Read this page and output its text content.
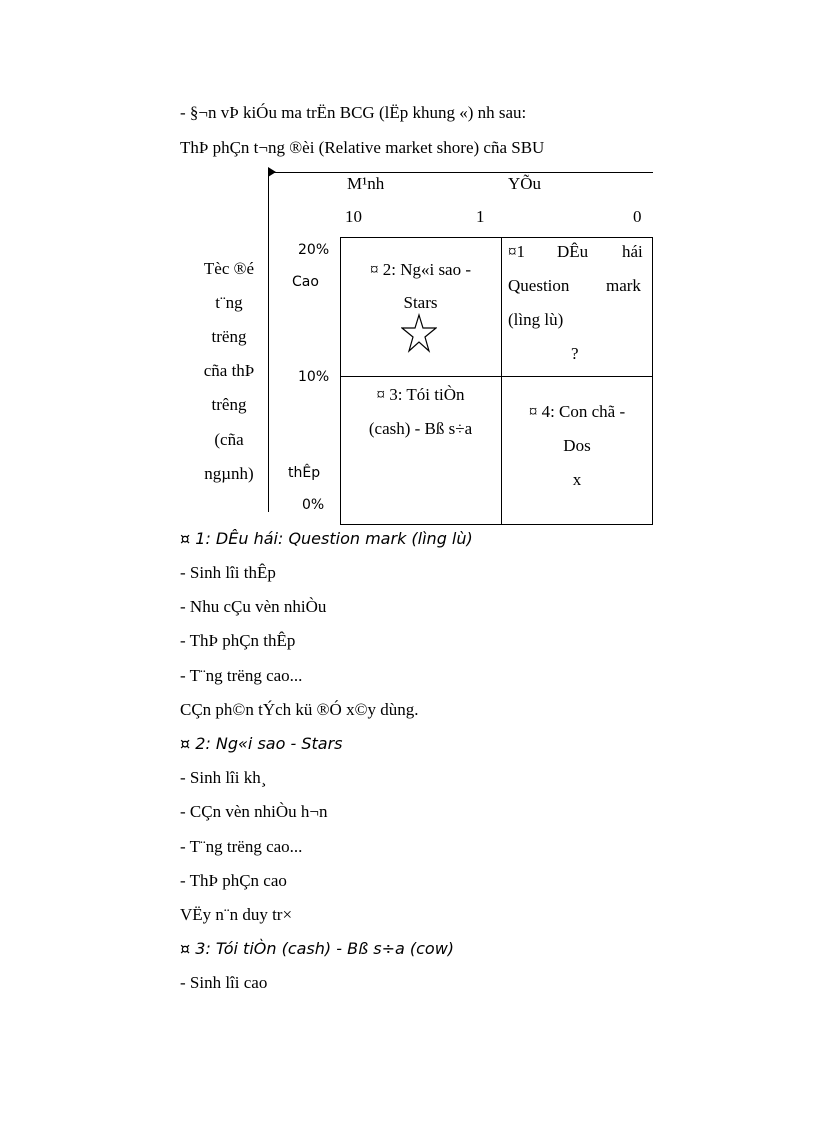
- §¬n vÞ kiÓu ma trËn BCG (lËp khung «) nh sau:
ThÞ phÇn t¬ng ®èi (Relative market shore) cña SBU
M¹nh	YÕu
10	1	0
Tèc ®é
t¨ng
trëng
cña thÞ
trêng
(cña
ngµnh)
20%
Cao
10%
thÊp
0%
¤ 2: Ng«i sao -
Stars
¤1 DÊu hái
Question mark
(lìng lù)
?
¤ 3: Tói tiÒn
(cash) - Bß s÷a
¤ 4: Con chã -
Dos
x
¤ 1: DÊu hái: Question mark (lìng lù)
- Sinh lîi thÊp
- Nhu cÇu vèn nhiÒu
- ThÞ phÇn thÊp
- T¨ng trëng cao...
CÇn ph©n tÝch kü ®Ó x©y dùng.
¤ 2: Ng«i sao - Stars
- Sinh lîi kh¸
- CÇn vèn nhiÒu h¬n
- T¨ng trëng cao...
- ThÞ phÇn cao
VËy n¨n duy tr×
¤ 3: Tói tiÒn (cash) - Bß s÷a (cow)
- Sinh lîi cao
